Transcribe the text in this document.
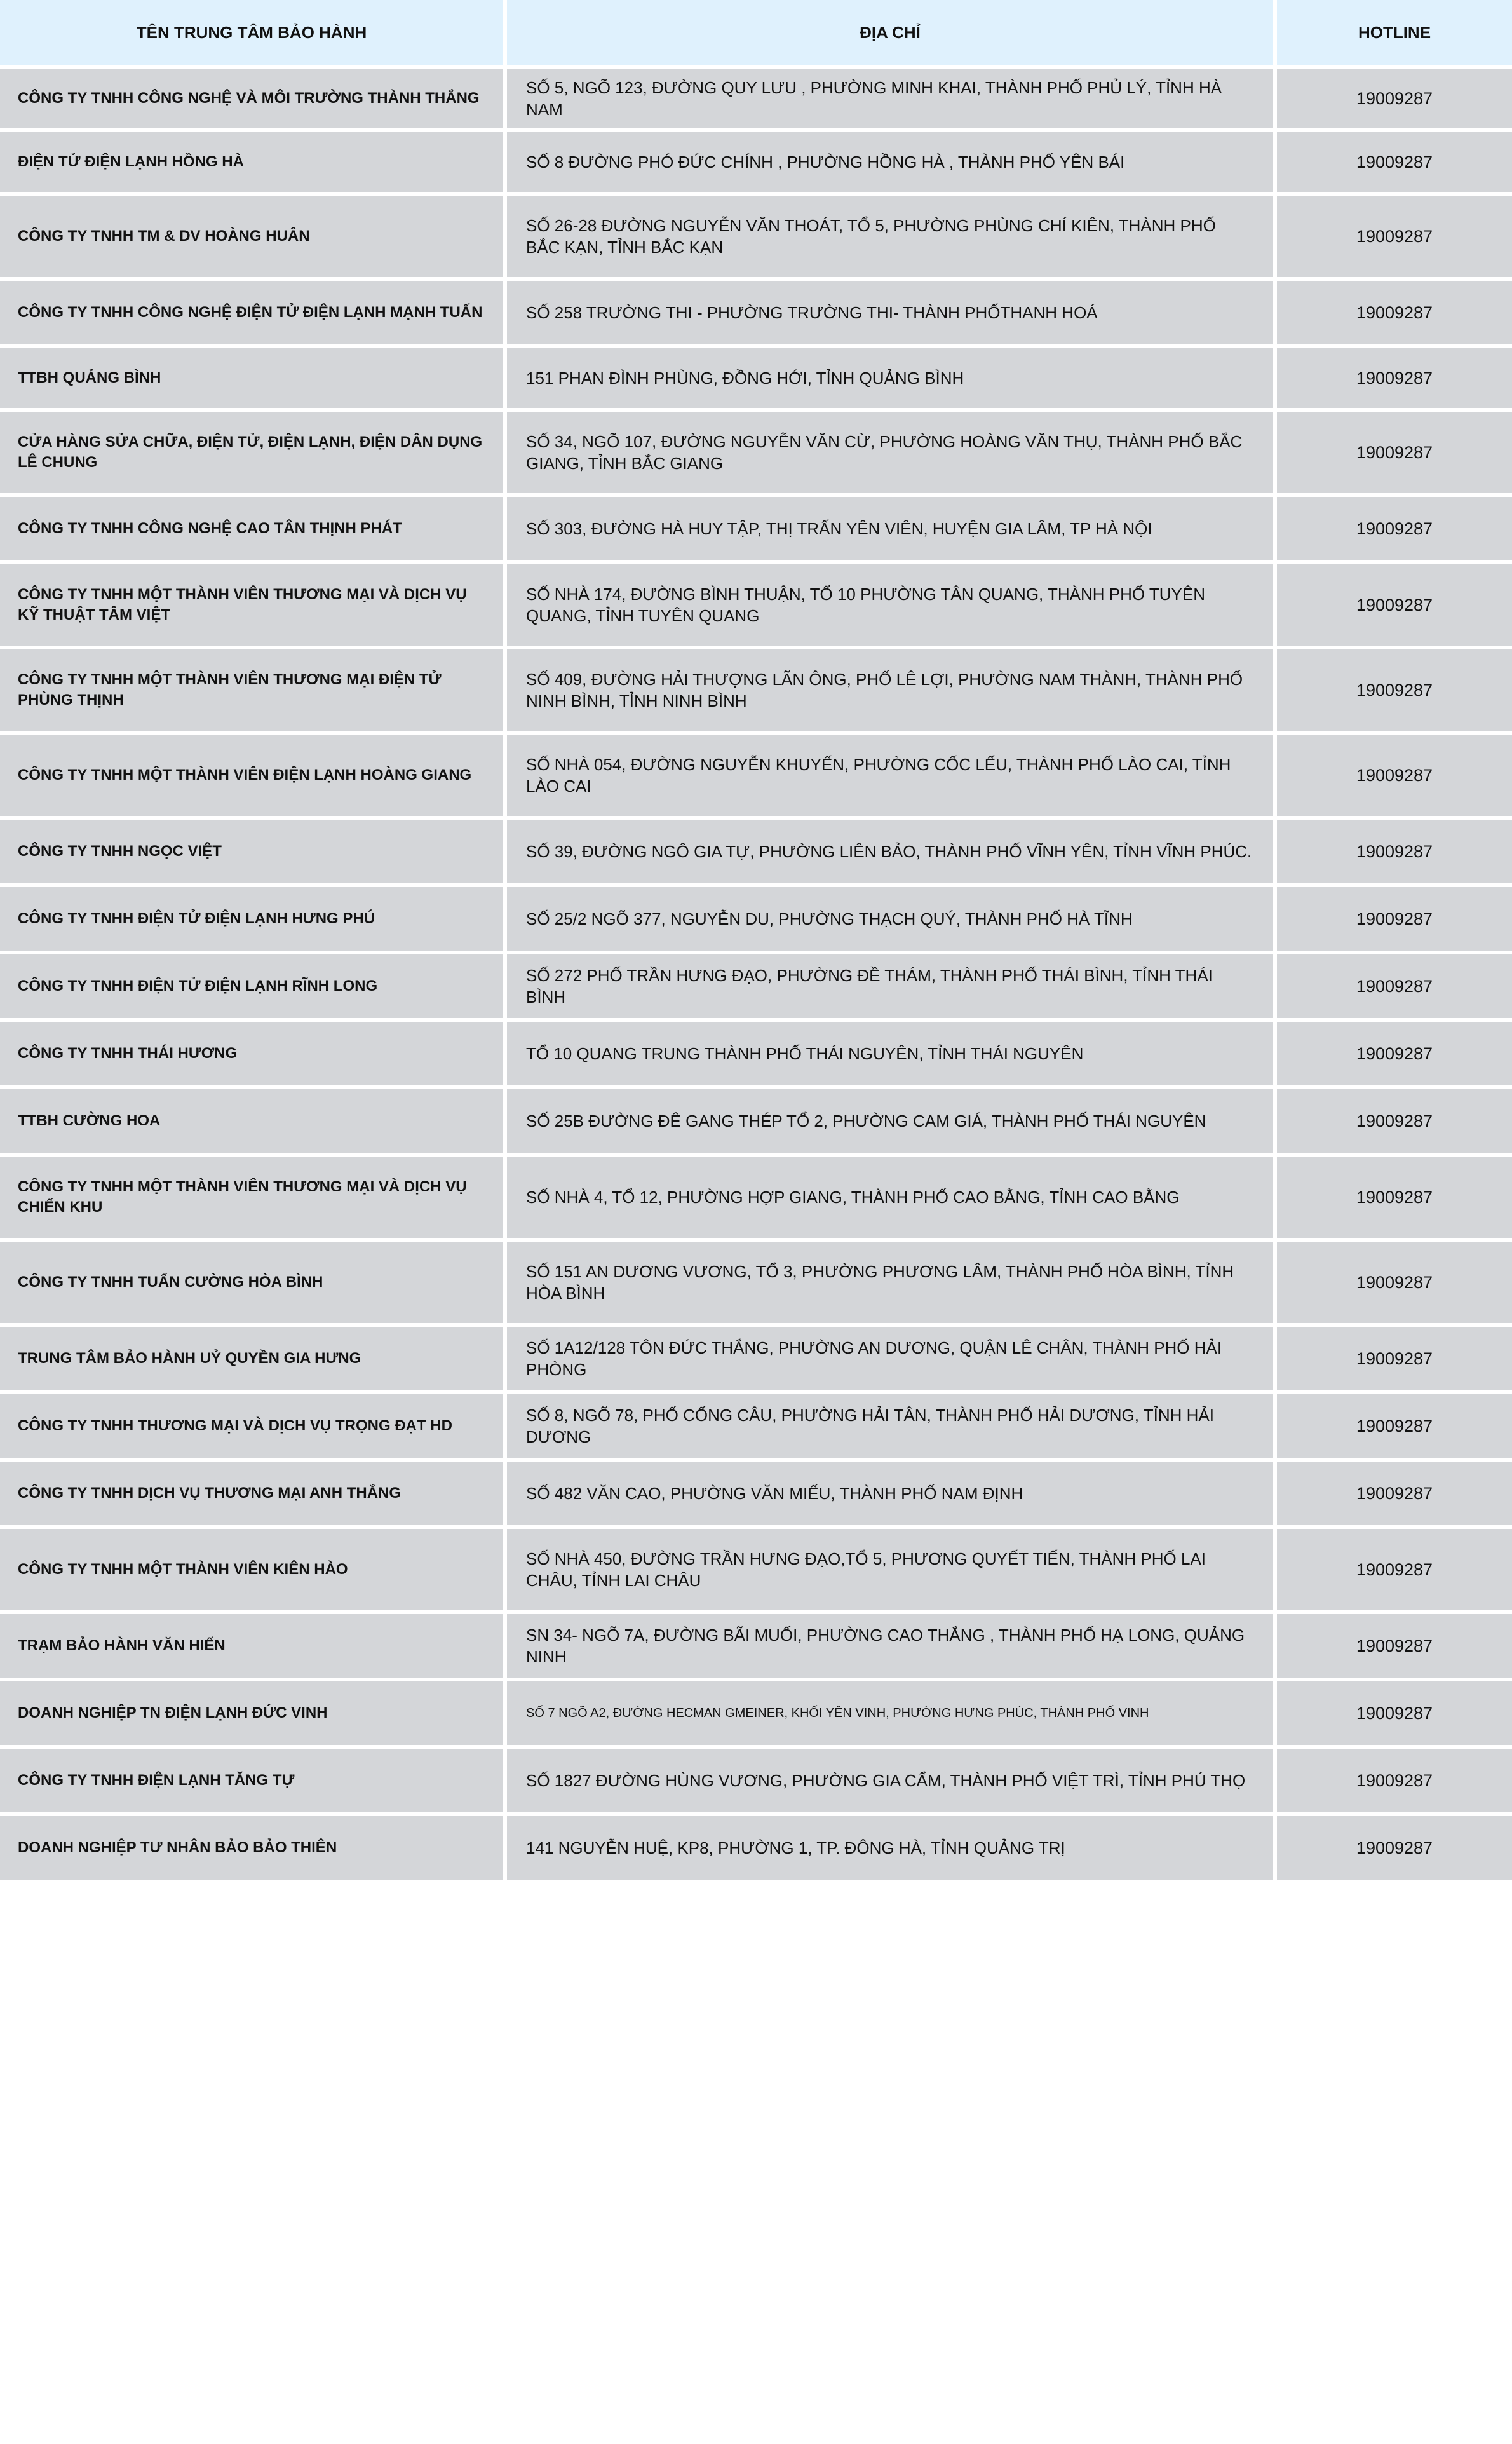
TÊN TRUNG TÂM BẢO HÀNH	ĐỊA CHỈ	HOTLINE
CÔNG TY TNHH CÔNG NGHỆ VÀ MÔI TRƯỜNG THÀNH THẮNG	SỐ 5, NGÕ 123, ĐƯỜNG QUY LƯU , PHƯỜNG MINH KHAI, THÀNH PHỐ PHỦ LÝ, TỈNH HÀ NAM	19009287
ĐIỆN TỬ ĐIỆN LẠNH HỒNG HÀ	SỐ 8 ĐƯỜNG PHÓ ĐỨC CHÍNH , PHƯỜNG HỒNG HÀ , THÀNH PHỐ YÊN BÁI	19009287
CÔNG TY TNHH TM & DV HOÀNG HUÂN	SỐ 26-28 ĐƯỜNG NGUYỄN VĂN THOÁT, TỔ 5, PHƯỜNG PHÙNG CHÍ KIÊN, THÀNH PHỐ BẮC KẠN, TỈNH BẮC KẠN	19009287
CÔNG TY TNHH CÔNG NGHỆ ĐIỆN TỬ ĐIỆN LẠNH MẠNH TUẤN	SỐ 258 TRƯỜNG THI - PHƯỜNG TRƯỜNG THI- THÀNH PHỐTHANH HOÁ	19009287
TTBH QUẢNG BÌNH	151 PHAN ĐÌNH PHÙNG, ĐỒNG HỚI, TỈNH QUẢNG BÌNH	19009287
CỬA HÀNG SỬA CHỮA, ĐIỆN TỬ, ĐIỆN LẠNH, ĐIỆN DÂN DỤNG LÊ CHUNG	SỐ 34, NGÕ 107, ĐƯỜNG NGUYỄN VĂN CỪ, PHƯỜNG HOÀNG VĂN THỤ, THÀNH PHỐ BẮC GIANG, TỈNH BẮC GIANG	19009287
CÔNG TY TNHH CÔNG NGHỆ CAO TÂN THỊNH PHÁT	SỐ 303, ĐƯỜNG HÀ HUY TẬP, THỊ TRẤN YÊN VIÊN, HUYỆN GIA LÂM, TP HÀ NỘI	19009287
CÔNG TY TNHH MỘT THÀNH VIÊN THƯƠNG MẠI VÀ DỊCH VỤ KỸ THUẬT TÂM VIỆT	SỐ NHÀ 174, ĐƯỜNG BÌNH THUẬN, TỔ 10 PHƯỜNG TÂN QUANG, THÀNH PHỐ TUYÊN QUANG, TỈNH TUYÊN QUANG	19009287
CÔNG TY TNHH MỘT THÀNH VIÊN THƯƠNG MẠI ĐIỆN TỬ PHÙNG THỊNH	SỐ 409, ĐƯỜNG HẢI THƯỢNG LÃN ÔNG, PHỐ LÊ LỢI, PHƯỜNG NAM THÀNH, THÀNH PHỐ NINH BÌNH, TỈNH NINH BÌNH	19009287
CÔNG TY TNHH MỘT THÀNH VIÊN ĐIỆN LẠNH HOÀNG GIANG	SỐ NHÀ 054, ĐƯỜNG NGUYỄN KHUYẾN, PHƯỜNG CỐC LẾU, THÀNH PHỐ LÀO CAI, TỈNH LÀO CAI	19009287
CÔNG TY TNHH NGỌC VIỆT	SỐ 39, ĐƯỜNG NGÔ GIA TỰ, PHƯỜNG LIÊN BẢO, THÀNH PHỐ VĨNH YÊN, TỈNH VĨNH PHÚC.	19009287
CÔNG TY TNHH ĐIỆN TỬ ĐIỆN LẠNH HƯNG PHÚ	SỐ 25/2 NGÕ 377, NGUYỄN DU, PHƯỜNG THẠCH QUÝ, THÀNH PHỐ HÀ TĨNH	19009287
CÔNG TY TNHH ĐIỆN TỬ ĐIỆN LẠNH RĨNH LONG	SỐ 272 PHỐ TRẦN HƯNG ĐẠO, PHƯỜNG ĐỀ THÁM, THÀNH PHỐ THÁI BÌNH, TỈNH THÁI BÌNH	19009287
CÔNG TY TNHH THÁI HƯƠNG	TỔ 10 QUANG TRUNG THÀNH PHỐ THÁI NGUYÊN, TỈNH THÁI NGUYÊN	19009287
TTBH CƯỜNG HOA	SỐ 25B ĐƯỜNG ĐÊ GANG THÉP TỔ 2, PHƯỜNG CAM GIÁ, THÀNH PHỐ THÁI NGUYÊN	19009287
CÔNG TY TNHH MỘT THÀNH VIÊN THƯƠNG MẠI VÀ DỊCH VỤ CHIẾN KHU	SỐ NHÀ 4, TỔ 12, PHƯỜNG HỢP GIANG, THÀNH PHỐ CAO BẰNG, TỈNH CAO BẰNG	19009287
CÔNG TY TNHH TUẤN CƯỜNG HÒA BÌNH	SỐ 151 AN DƯƠNG VƯƠNG, TỔ 3, PHƯỜNG PHƯƠNG LÂM, THÀNH PHỐ HÒA BÌNH, TỈNH HÒA BÌNH	19009287
TRUNG TÂM BẢO HÀNH UỶ QUYỀN GIA HƯNG	SỐ 1A12/128 TÔN ĐỨC THẮNG, PHƯỜNG AN DƯƠNG, QUẬN LÊ CHÂN, THÀNH PHỐ HẢI PHÒNG	19009287
CÔNG TY TNHH THƯƠNG MẠI VÀ DỊCH VỤ TRỌNG ĐẠT HD	SỐ 8, NGÕ 78, PHỐ CỐNG CÂU, PHƯỜNG HẢI TÂN, THÀNH PHỐ HẢI DƯƠNG, TỈNH HẢI DƯƠNG	19009287
CÔNG TY TNHH DỊCH VỤ THƯƠNG MẠI ANH THẮNG	SỐ 482 VĂN CAO, PHƯỜNG VĂN MIẾU, THÀNH PHỐ NAM ĐỊNH	19009287
CÔNG TY TNHH MỘT THÀNH VIÊN KIÊN HÀO	SỐ NHÀ 450, ĐƯỜNG TRẦN HƯNG ĐẠO,TỔ 5, PHƯƠNG QUYẾT TIẾN, THÀNH PHỐ LAI CHÂU, TỈNH LAI CHÂU	19009287
TRẠM BẢO HÀNH VĂN HIẾN	SN 34- NGÕ 7A, ĐƯỜNG BÃI MUỐI, PHƯỜNG CAO THẮNG , THÀNH PHỐ HẠ LONG, QUẢNG NINH	19009287
DOANH NGHIỆP TN ĐIỆN LẠNH ĐỨC VINH	SỐ 7 NGÕ A2, ĐƯỜNG HECMAN GMEINER, KHỐI YÊN VINH, PHƯỜNG HƯNG PHÚC, THÀNH PHỐ VINH	19009287
CÔNG TY TNHH ĐIỆN LẠNH TĂNG TỰ	SỐ 1827 ĐƯỜNG HÙNG VƯƠNG, PHƯỜNG GIA CẨM, THÀNH PHỐ VIỆT TRÌ, TỈNH PHÚ THỌ	19009287
DOANH NGHIỆP TƯ NHÂN BẢO BẢO THIÊN	141 NGUYỄN HUỆ, KP8, PHƯỜNG 1, TP. ĐÔNG HÀ, TỈNH QUẢNG TRỊ	19009287
